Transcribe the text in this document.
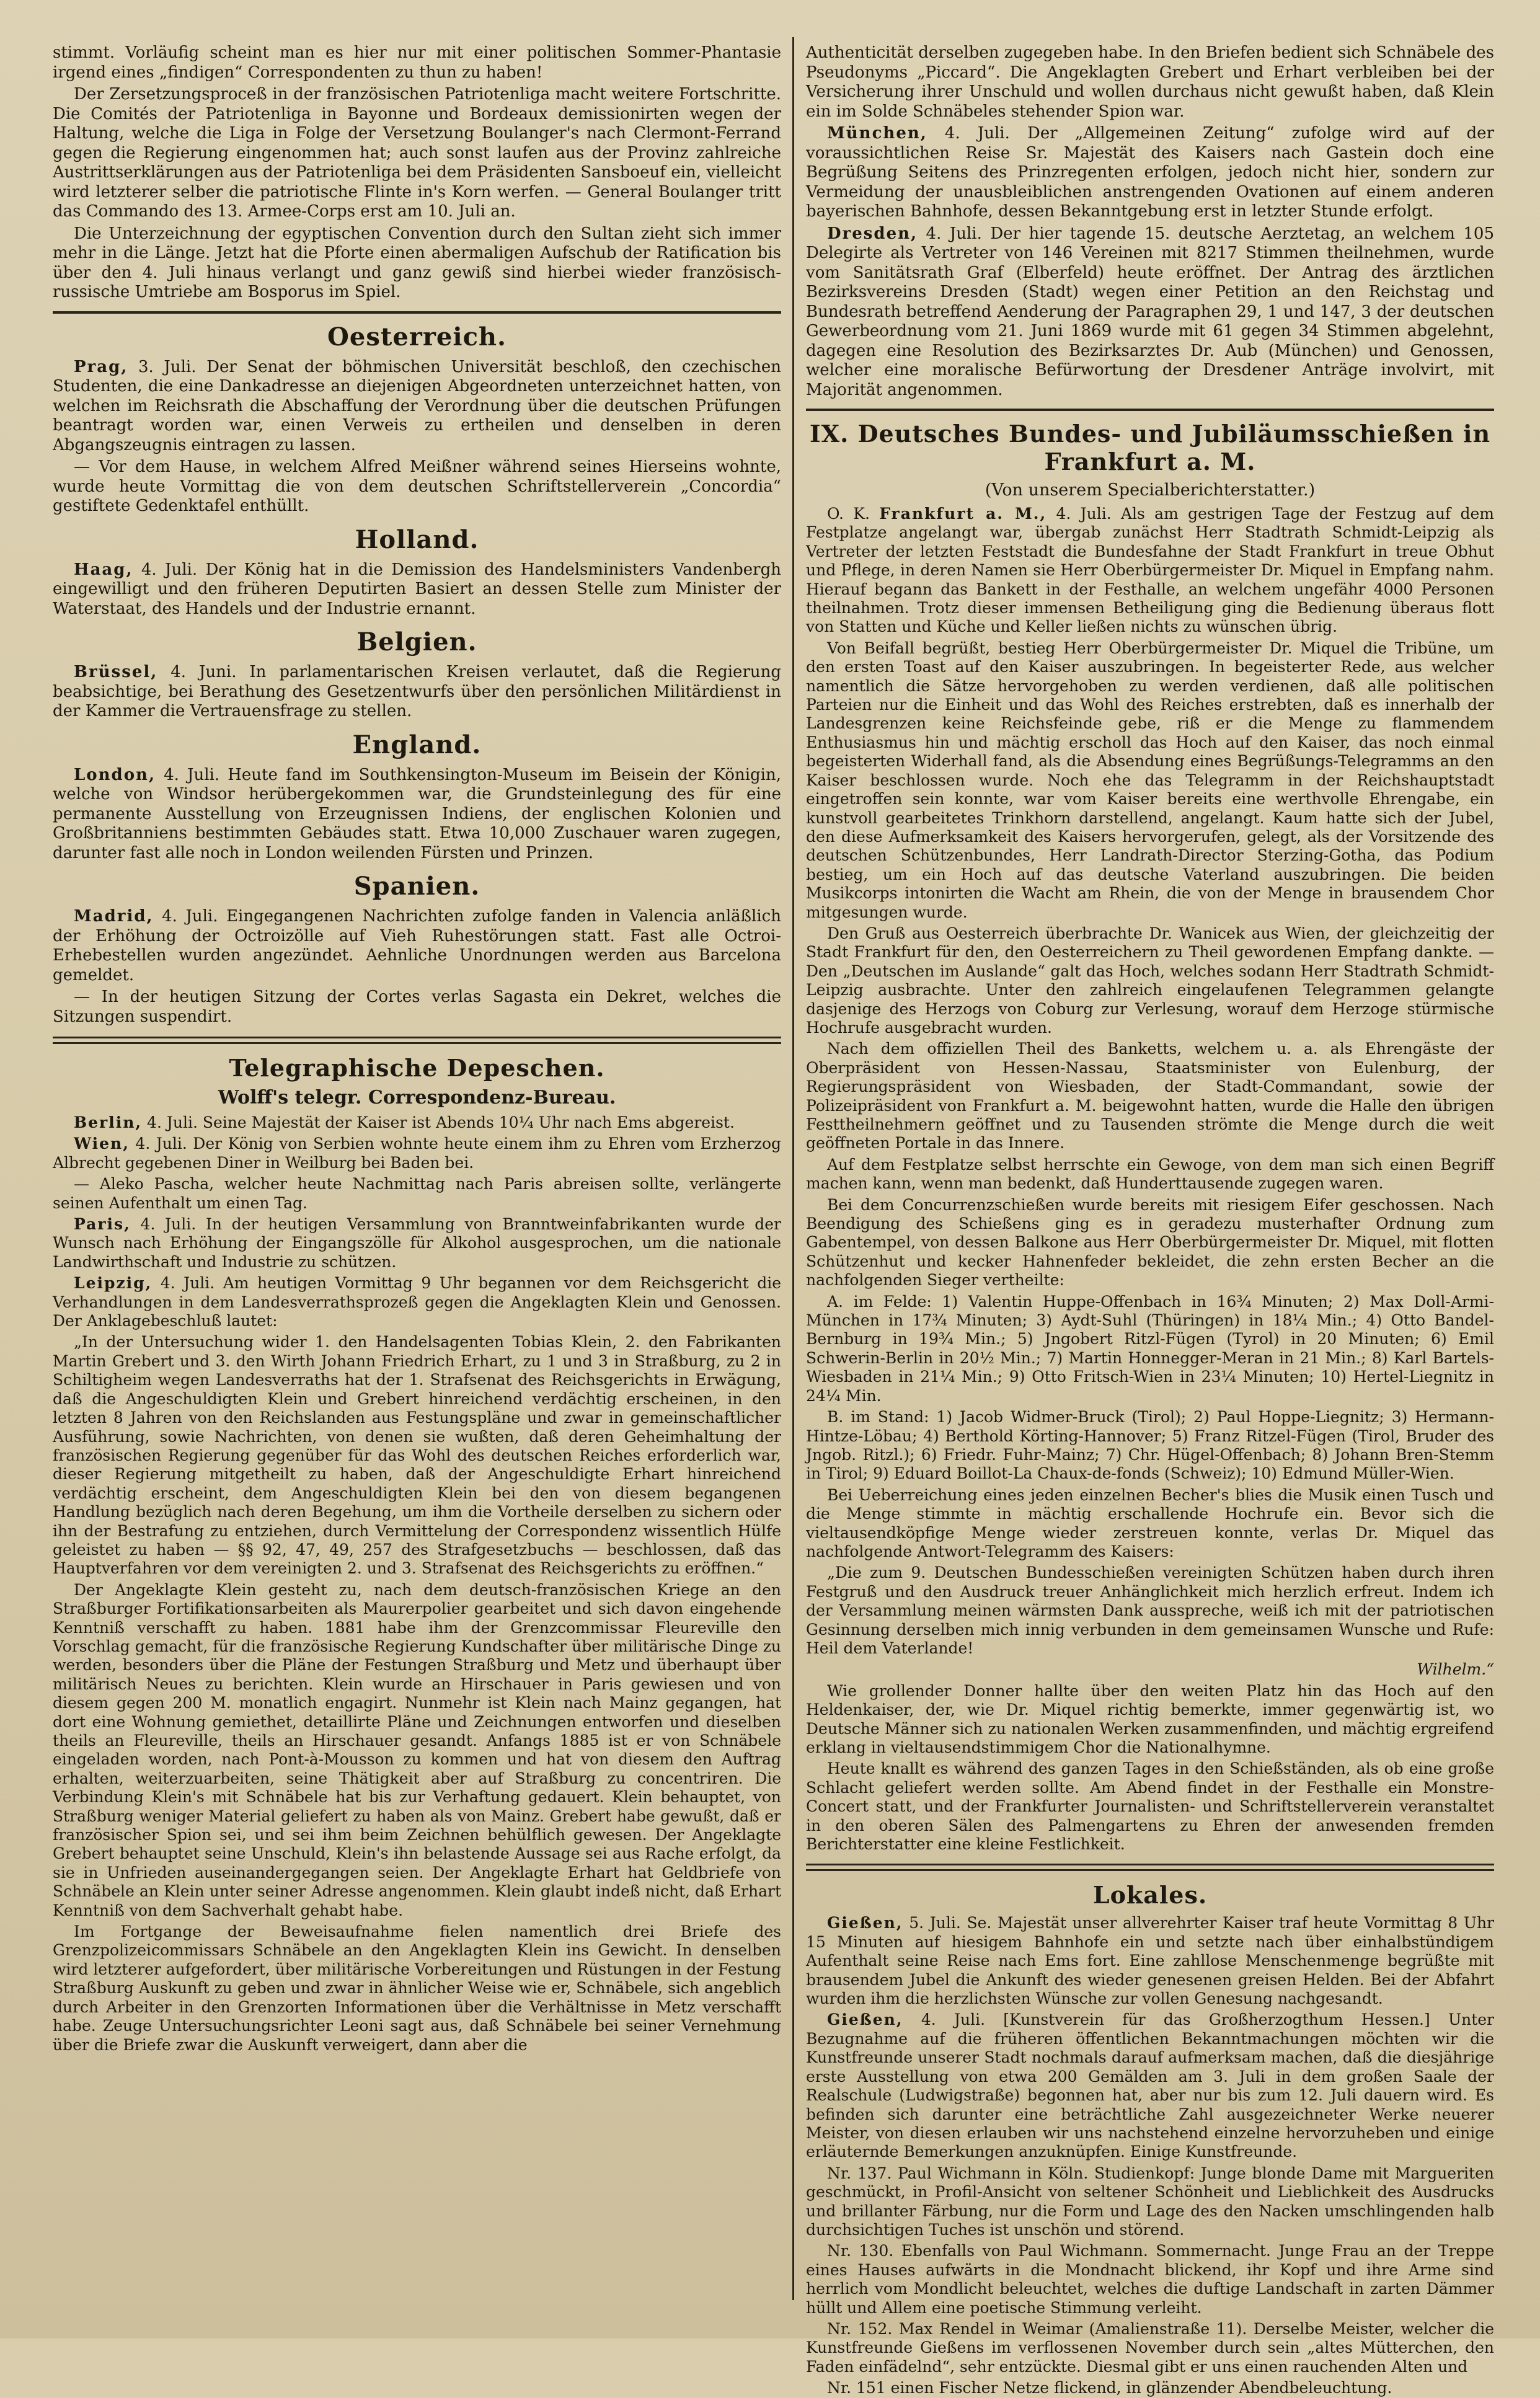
stimmt. Vorläufig scheint man es hier nur mit einer politischen Sommer-Phantasie irgend eines „findigen“ Correspondenten zu thun zu haben!

Der Zersetzungsproceß in der französischen Patriotenliga macht weitere Fortschritte. Die Comités der Patriotenliga in Bayonne und Bordeaux demissionirten wegen der Haltung, welche die Liga in Folge der Versetzung Boulanger's nach Clermont-Ferrand gegen die Regierung eingenommen hat; auch sonst laufen aus der Provinz zahlreiche Austrittserklärungen aus der Patriotenliga bei dem Präsidenten Sansboeuf ein, vielleicht wird letzterer selber die patriotische Flinte in's Korn werfen. — General Boulanger tritt das Commando des 13. Armee-Corps erst am 10. Juli an.

Die Unterzeichnung der egyptischen Convention durch den Sultan zieht sich immer mehr in die Länge. Jetzt hat die Pforte einen abermaligen Aufschub der Ratification bis über den 4. Juli hinaus verlangt und ganz gewiß sind hierbei wieder französisch-russische Umtriebe am Bosporus im Spiel.

Oesterreich.

Prag, 3. Juli. Der Senat der böhmischen Universität beschloß, den czechischen Studenten, die eine Dankadresse an diejenigen Abgeordneten unterzeichnet hatten, von welchen im Reichsrath die Abschaffung der Verordnung über die deutschen Prüfungen beantragt worden war, einen Verweis zu ertheilen und denselben in deren Abgangszeugnis eintragen zu lassen.

— Vor dem Hause, in welchem Alfred Meißner während seines Hierseins wohnte, wurde heute Vormittag die von dem deutschen Schriftstellerverein „Concordia“ gestiftete Gedenktafel enthüllt.

Holland.

Haag, 4. Juli. Der König hat in die Demission des Handelsministers Vandenbergh eingewilligt und den früheren Deputirten Basiert an dessen Stelle zum Minister der Waterstaat, des Handels und der Industrie ernannt.

Belgien.

Brüssel, 4. Juni. In parlamentarischen Kreisen verlautet, daß die Regierung beabsichtige, bei Berathung des Gesetzentwurfs über den persönlichen Militärdienst in der Kammer die Vertrauensfrage zu stellen.

England.

London, 4. Juli. Heute fand im Southkensington-Museum im Beisein der Königin, welche von Windsor herübergekommen war, die Grundsteinlegung des für eine permanente Ausstellung von Erzeugnissen Indiens, der englischen Kolonien und Großbritanniens bestimmten Gebäudes statt. Etwa 10,000 Zuschauer waren zugegen, darunter fast alle noch in London weilenden Fürsten und Prinzen.

Spanien.

Madrid, 4. Juli. Eingegangenen Nachrichten zufolge fanden in Valencia anläßlich der Erhöhung der Octroizölle auf Vieh Ruhestörungen statt. Fast alle Octroi-Erhebestellen wurden angezündet. Aehnliche Unordnungen werden aus Barcelona gemeldet.

— In der heutigen Sitzung der Cortes verlas Sagasta ein Dekret, welches die Sitzungen suspendirt.

Telegraphische Depeschen.
Wolff's telegr. Correspondenz-Bureau.

Berlin, 4. Juli. Seine Majestät der Kaiser ist Abends 10¼ Uhr nach Ems abgereist.

Wien, 4. Juli. Der König von Serbien wohnte heute einem ihm zu Ehren vom Erzherzog Albrecht gegebenen Diner in Weilburg bei Baden bei.

— Aleko Pascha, welcher heute Nachmittag nach Paris abreisen sollte, verlängerte seinen Aufenthalt um einen Tag.

Paris, 4. Juli. In der heutigen Versammlung von Branntweinfabrikanten wurde der Wunsch nach Erhöhung der Eingangszölle für Alkohol ausgesprochen, um die nationale Landwirthschaft und Industrie zu schützen.

Leipzig, 4. Juli. Am heutigen Vormittag 9 Uhr begannen vor dem Reichsgericht die Verhandlungen in dem Landesverrathsprozeß gegen die Angeklagten Klein und Genossen. Der Anklagebeschluß lautet:

„In der Untersuchung wider 1. den Handelsagenten Tobias Klein, 2. den Fabrikanten Martin Grebert und 3. den Wirth Johann Friedrich Erhart, zu 1 und 3 in Straßburg, zu 2 in Schiltigheim wegen Landesverraths hat der 1. Strafsenat des Reichsgerichts in Erwägung, daß die Angeschuldigten Klein und Grebert hinreichend verdächtig erscheinen, in den letzten 8 Jahren von den Reichslanden aus Festungspläne und zwar in gemeinschaftlicher Ausführung, sowie Nachrichten, von denen sie wußten, daß deren Geheimhaltung der französischen Regierung gegenüber für das Wohl des deutschen Reiches erforderlich war, dieser Regierung mitgetheilt zu haben, daß der Angeschuldigte Erhart hinreichend verdächtig erscheint, dem Angeschuldigten Klein bei den von diesem begangenen Handlung bezüglich nach deren Begehung, um ihm die Vortheile derselben zu sichern oder ihn der Bestrafung zu entziehen, durch Vermittelung der Correspondenz wissentlich Hülfe geleistet zu haben — §§ 92, 47, 49, 257 des Strafgesetzbuchs — beschlossen, daß das Hauptverfahren vor dem vereinigten 2. und 3. Strafsenat des Reichsgerichts zu eröffnen.“

Der Angeklagte Klein gesteht zu, nach dem deutsch-französischen Kriege an den Straßburger Fortifikationsarbeiten als Maurerpolier gearbeitet und sich davon eingehende Kenntniß verschafft zu haben. 1881 habe ihm der Grenzcommissar Fleureville den Vorschlag gemacht, für die französische Regierung Kundschafter über militärische Dinge zu werden, besonders über die Pläne der Festungen Straßburg und Metz und überhaupt über militärisch Neues zu berichten. Klein wurde an Hirschauer in Paris gewiesen und von diesem gegen 200 M. monatlich engagirt. Nunmehr ist Klein nach Mainz gegangen, hat dort eine Wohnung gemiethet, detaillirte Pläne und Zeichnungen entworfen und dieselben theils an Fleureville, theils an Hirschauer gesandt. Anfangs 1885 ist er von Schnäbele eingeladen worden, nach Pont-à-Mousson zu kommen und hat von diesem den Auftrag erhalten, weiterzuarbeiten, seine Thätigkeit aber auf Straßburg zu concentriren. Die Verbindung Klein's mit Schnäbele hat bis zur Verhaftung gedauert. Klein behauptet, von Straßburg weniger Material geliefert zu haben als von Mainz. Grebert habe gewußt, daß er französischer Spion sei, und sei ihm beim Zeichnen behülflich gewesen. Der Angeklagte Grebert behauptet seine Unschuld, Klein's ihn belastende Aussage sei aus Rache erfolgt, da sie in Unfrieden auseinandergegangen seien. Der Angeklagte Erhart hat Geldbriefe von Schnäbele an Klein unter seiner Adresse angenommen. Klein glaubt indeß nicht, daß Erhart Kenntniß von dem Sachverhalt gehabt habe.

Im Fortgange der Beweisaufnahme fielen namentlich drei Briefe des Grenzpolizeicommissars Schnäbele an den Angeklagten Klein ins Gewicht. In denselben wird letzterer aufgefordert, über militärische Vorbereitungen und Rüstungen in der Festung Straßburg Auskunft zu geben und zwar in ähnlicher Weise wie er, Schnäbele, sich angeblich durch Arbeiter in den Grenzorten Informationen über die Verhältnisse in Metz verschafft habe. Zeuge Untersuchungsrichter Leoni sagt aus, daß Schnäbele bei seiner Vernehmung über die Briefe zwar die Auskunft verweigert, dann aber die

Authenticität derselben zugegeben habe. In den Briefen bedient sich Schnäbele des Pseudonyms „Piccard“. Die Angeklagten Grebert und Erhart verbleiben bei der Versicherung ihrer Unschuld und wollen durchaus nicht gewußt haben, daß Klein ein im Solde Schnäbeles stehender Spion war.

München, 4. Juli. Der „Allgemeinen Zeitung“ zufolge wird auf der voraussichtlichen Reise Sr. Majestät des Kaisers nach Gastein doch eine Begrüßung Seitens des Prinzregenten erfolgen, jedoch nicht hier, sondern zur Vermeidung der unausbleiblichen anstrengenden Ovationen auf einem anderen bayerischen Bahnhofe, dessen Bekanntgebung erst in letzter Stunde erfolgt.

Dresden, 4. Juli. Der hier tagende 15. deutsche Aerztetag, an welchem 105 Delegirte als Vertreter von 146 Vereinen mit 8217 Stimmen theilnehmen, wurde vom Sanitätsrath Graf (Elberfeld) heute eröffnet. Der Antrag des ärztlichen Bezirksvereins Dresden (Stadt) wegen einer Petition an den Reichstag und Bundesrath betreffend Aenderung der Paragraphen 29, 1 und 147, 3 der deutschen Gewerbeordnung vom 21. Juni 1869 wurde mit 61 gegen 34 Stimmen abgelehnt, dagegen eine Resolution des Bezirksarztes Dr. Aub (München) und Genossen, welcher eine moralische Befürwortung der Dresdener Anträge involvirt, mit Majorität angenommen.

IX. Deutsches Bundes- und Jubiläumsschießen in Frankfurt a. M.
(Von unserem Specialberichterstatter.)

O. K. Frankfurt a. M., 4. Juli. Als am gestrigen Tage der Festzug auf dem Festplatze angelangt war, übergab zunächst Herr Stadtrath Schmidt-Leipzig als Vertreter der letzten Feststadt die Bundesfahne der Stadt Frankfurt in treue Obhut und Pflege, in deren Namen sie Herr Oberbürgermeister Dr. Miquel in Empfang nahm. Hierauf begann das Bankett in der Festhalle, an welchem ungefähr 4000 Personen theilnahmen. Trotz dieser immensen Betheiligung ging die Bedienung überaus flott von Statten und Küche und Keller ließen nichts zu wünschen übrig.

Von Beifall begrüßt, bestieg Herr Oberbürgermeister Dr. Miquel die Tribüne, um den ersten Toast auf den Kaiser auszubringen. In begeisterter Rede, aus welcher namentlich die Sätze hervorgehoben zu werden verdienen, daß alle politischen Parteien nur die Einheit und das Wohl des Reiches erstrebten, daß es innerhalb der Landesgrenzen keine Reichsfeinde gebe, riß er die Menge zu flammendem Enthusiasmus hin und mächtig erscholl das Hoch auf den Kaiser, das noch einmal begeisterten Widerhall fand, als die Absendung eines Begrüßungs-Telegramms an den Kaiser beschlossen wurde. Noch ehe das Telegramm in der Reichshauptstadt eingetroffen sein konnte, war vom Kaiser bereits eine werthvolle Ehrengabe, ein kunstvoll gearbeitetes Trinkhorn darstellend, angelangt. Kaum hatte sich der Jubel, den diese Aufmerksamkeit des Kaisers hervorgerufen, gelegt, als der Vorsitzende des deutschen Schützenbundes, Herr Landrath-Director Sterzing-Gotha, das Podium bestieg, um ein Hoch auf das deutsche Vaterland auszubringen. Die beiden Musikcorps intonirten die Wacht am Rhein, die von der Menge in brausendem Chor mitgesungen wurde.

Den Gruß aus Oesterreich überbrachte Dr. Wanicek aus Wien, der gleichzeitig der Stadt Frankfurt für den, den Oesterreichern zu Theil gewordenen Empfang dankte. — Den „Deutschen im Auslande“ galt das Hoch, welches sodann Herr Stadtrath Schmidt-Leipzig ausbrachte. Unter den zahlreich eingelaufenen Telegrammen gelangte dasjenige des Herzogs von Coburg zur Verlesung, worauf dem Herzoge stürmische Hochrufe ausgebracht wurden.

Nach dem offiziellen Theil des Banketts, welchem u. a. als Ehrengäste der Oberpräsident von Hessen-Nassau, Staatsminister von Eulenburg, der Regierungspräsident von Wiesbaden, der Stadt-Commandant, sowie der Polizeipräsident von Frankfurt a. M. beigewohnt hatten, wurde die Halle den übrigen Festtheilnehmern geöffnet und zu Tausenden strömte die Menge durch die weit geöffneten Portale in das Innere.

Auf dem Festplatze selbst herrschte ein Gewoge, von dem man sich einen Begriff machen kann, wenn man bedenkt, daß Hunderttausende zugegen waren.

Bei dem Concurrenzschießen wurde bereits mit riesigem Eifer geschossen. Nach Beendigung des Schießens ging es in geradezu musterhafter Ordnung zum Gabentempel, von dessen Balkone aus Herr Oberbürgermeister Dr. Miquel, mit flotten Schützenhut und kecker Hahnenfeder bekleidet, die zehn ersten Becher an die nachfolgenden Sieger vertheilte:

A. im Felde: 1) Valentin Huppe-Offenbach in 16¾ Minuten; 2) Max Doll-Armi-München in 17¾ Minuten; 3) Aydt-Suhl (Thüringen) in 18¼ Min.; 4) Otto Bandel-Bernburg in 19¾ Min.; 5) Jngobert Ritzl-Fügen (Tyrol) in 20 Minuten; 6) Emil Schwerin-Berlin in 20½ Min.; 7) Martin Honnegger-Meran in 21 Min.; 8) Karl Bartels-Wiesbaden in 21¼ Min.; 9) Otto Fritsch-Wien in 23¼ Minuten; 10) Hertel-Liegnitz in 24¼ Min.

B. im Stand: 1) Jacob Widmer-Bruck (Tirol); 2) Paul Hoppe-Liegnitz; 3) Hermann-Hintze-Löbau; 4) Berthold Körting-Hannover; 5) Franz Ritzel-Fügen (Tirol, Bruder des Jngob. Ritzl.); 6) Friedr. Fuhr-Mainz; 7) Chr. Hügel-Offenbach; 8) Johann Bren-Stemm in Tirol; 9) Eduard Boillot-La Chaux-de-fonds (Schweiz); 10) Edmund Müller-Wien.

Bei Ueberreichung eines jeden einzelnen Becher's blies die Musik einen Tusch und die Menge stimmte in mächtig erschallende Hochrufe ein. Bevor sich die vieltausendköpfige Menge wieder zerstreuen konnte, verlas Dr. Miquel das nachfolgende Antwort-Telegramm des Kaisers:

„Die zum 9. Deutschen Bundesschießen vereinigten Schützen haben durch ihren Festgruß und den Ausdruck treuer Anhänglichkeit mich herzlich erfreut. Indem ich der Versammlung meinen wärmsten Dank ausspreche, weiß ich mit der patriotischen Gesinnung derselben mich innig verbunden in dem gemeinsamen Wunsche und Rufe: Heil dem Vaterlande!

Wilhelm.“

Wie grollender Donner hallte über den weiten Platz hin das Hoch auf den Heldenkaiser, der, wie Dr. Miquel richtig bemerkte, immer gegenwärtig ist, wo Deutsche Männer sich zu nationalen Werken zusammenfinden, und mächtig ergreifend erklang in vieltausendstimmigem Chor die Nationalhymne.

Heute knallt es während des ganzen Tages in den Schießständen, als ob eine große Schlacht geliefert werden sollte. Am Abend findet in der Festhalle ein Monstre-Concert statt, und der Frankfurter Journalisten- und Schriftstellerverein veranstaltet in den oberen Sälen des Palmengartens zu Ehren der anwesenden fremden Berichterstatter eine kleine Festlichkeit.

Lokales.

Gießen, 5. Juli. Se. Majestät unser allverehrter Kaiser traf heute Vormittag 8 Uhr 15 Minuten auf hiesigem Bahnhofe ein und setzte nach über einhalbstündigem Aufenthalt seine Reise nach Ems fort. Eine zahllose Menschenmenge begrüßte mit brausendem Jubel die Ankunft des wieder genesenen greisen Helden. Bei der Abfahrt wurden ihm die herzlichsten Wünsche zur vollen Genesung nachgesandt.

Gießen, 4. Juli. [Kunstverein für das Großherzogthum Hessen.] Unter Bezugnahme auf die früheren öffentlichen Bekanntmachungen möchten wir die Kunstfreunde unserer Stadt nochmals darauf aufmerksam machen, daß die diesjährige erste Ausstellung von etwa 200 Gemälden am 3. Juli in dem großen Saale der Realschule (Ludwigstraße) begonnen hat, aber nur bis zum 12. Juli dauern wird. Es befinden sich darunter eine beträchtliche Zahl ausgezeichneter Werke neuerer Meister, von diesen erlauben wir uns nachstehend einzelne hervorzuheben und einige erläuternde Bemerkungen anzuknüpfen. Einige Kunstfreunde.

Nr. 137. Paul Wichmann in Köln. Studienkopf: Junge blonde Dame mit Margueriten geschmückt, in Profil-Ansicht von seltener Schönheit und Lieblichkeit des Ausdrucks und brillanter Färbung, nur die Form und Lage des den Nacken umschlingenden halb durchsichtigen Tuches ist unschön und störend.

Nr. 130. Ebenfalls von Paul Wichmann. Sommernacht. Junge Frau an der Treppe eines Hauses aufwärts in die Mondnacht blickend, ihr Kopf und ihre Arme sind herrlich vom Mondlicht beleuchtet, welches die duftige Landschaft in zarten Dämmer hüllt und Allem eine poetische Stimmung verleiht.

Nr. 152. Max Rendel in Weimar (Amalienstraße 11). Derselbe Meister, welcher die Kunstfreunde Gießens im verflossenen November durch sein „altes Mütterchen, den Faden einfädelnd“, sehr entzückte. Diesmal gibt er uns einen rauchenden Alten und

Nr. 151 einen Fischer Netze flickend, in glänzender Abendbeleuchtung.
